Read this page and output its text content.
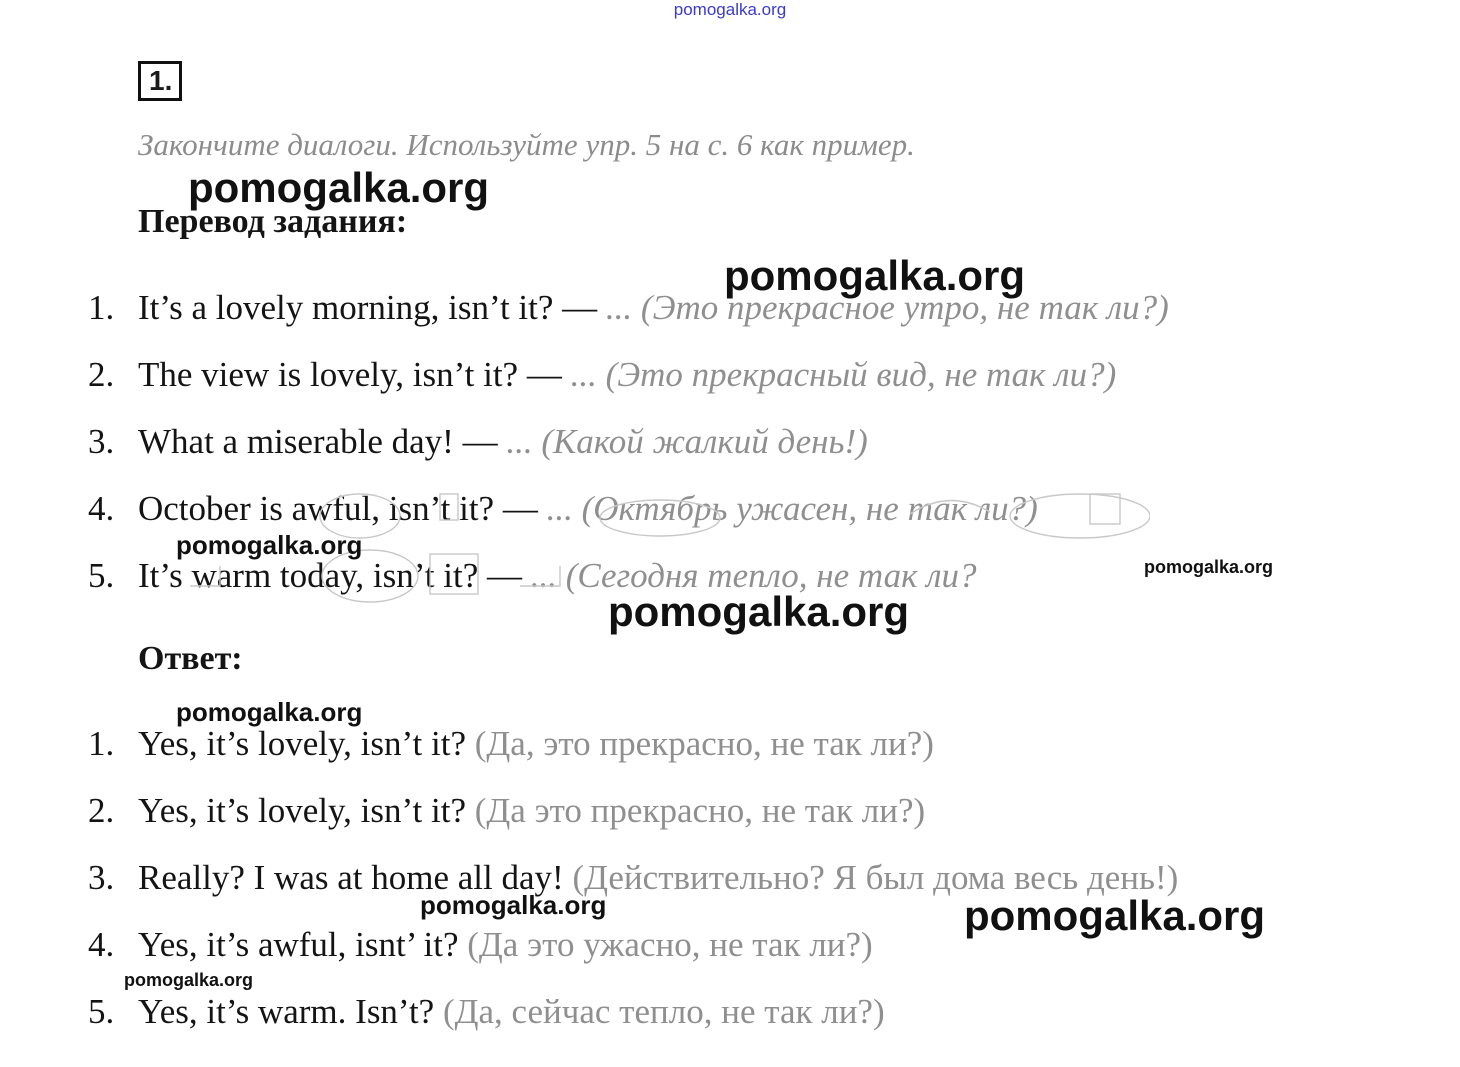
pomogalka.org
1.
Закончите диалоги. Используйте упр. 5 на с. 6 как пример.
Перевод задания:
1. It’s a lovely morning, isn’t it? — ... (Это прекрасное утро, не так ли?)
2. The view is lovely, isn’t it? — ... (Это прекрасный вид, не так ли?)
3. What a miserable day! — ... (Какой жалкий день!)
4. October is awful, isn’t it? — ... (Октябрь ужасен, не так ли?)
5. It’s warm today, isn’t it? — ... (Сегодня тепло, не так ли?
Ответ:
1. Yes, it’s lovely, isn’t it? (Да, это прекрасно, не так ли?)
2. Yes, it’s lovely, isn’t it? (Да это прекрасно, не так ли?)
3. Really? I was at home all day! (Действительно? Я был дома весь день!)
4. Yes, it’s awful, isnt’ it? (Да это ужасно, не так ли?)
5. Yes, it’s warm. Isn’t? (Да, сейчас тепло, не так ли?)
pomogalka.org
pomogalka.org
pomogalka.org
pomogalka.org
pomogalka.org
pomogalka.org
pomogalka.org	pomogalka.org
pomogalka.org
